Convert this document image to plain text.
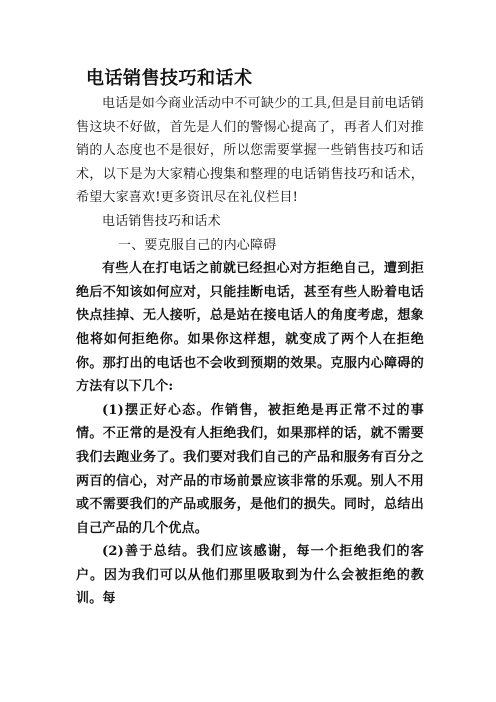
电话销售技巧和话术

电话是如今商业活动中不可缺少的工具,但是目前电话销售这块不好做，首先是人们的警惕心提高了，再者人们对推销的人态度也不是很好，所以您需要掌握一些销售技巧和话术，以下是为大家精心搜集和整理的电话销售技巧和话术，希望大家喜欢!更多资讯尽在礼仪栏目!

电话销售技巧和话术

一、要克服自己的内心障碍

有些人在打电话之前就已经担心对方拒绝自己，遭到拒绝后不知该如何应对，只能挂断电话，甚至有些人盼着电话快点挂掉、无人接听，总是站在接电话人的角度考虑，想象他将如何拒绝你。如果你这样想，就变成了两个人在拒绝你。那打出的电话也不会收到预期的效果。克服内心障碍的方法有以下几个:

(1)摆正好心态。作销售，被拒绝是再正常不过的事情。不正常的是没有人拒绝我们，如果那样的话，就不需要我们去跑业务了。我们要对我们自己的产品和服务有百分之两百的信心，对产品的市场前景应该非常的乐观。别人不用或不需要我们的产品或服务，是他们的损失。同时，总结出自己产品的几个优点。

(2)善于总结。我们应该感谢，每一个拒绝我们的客户。因为我们可以从他们那里吸取到为什么会被拒绝的教训。每
